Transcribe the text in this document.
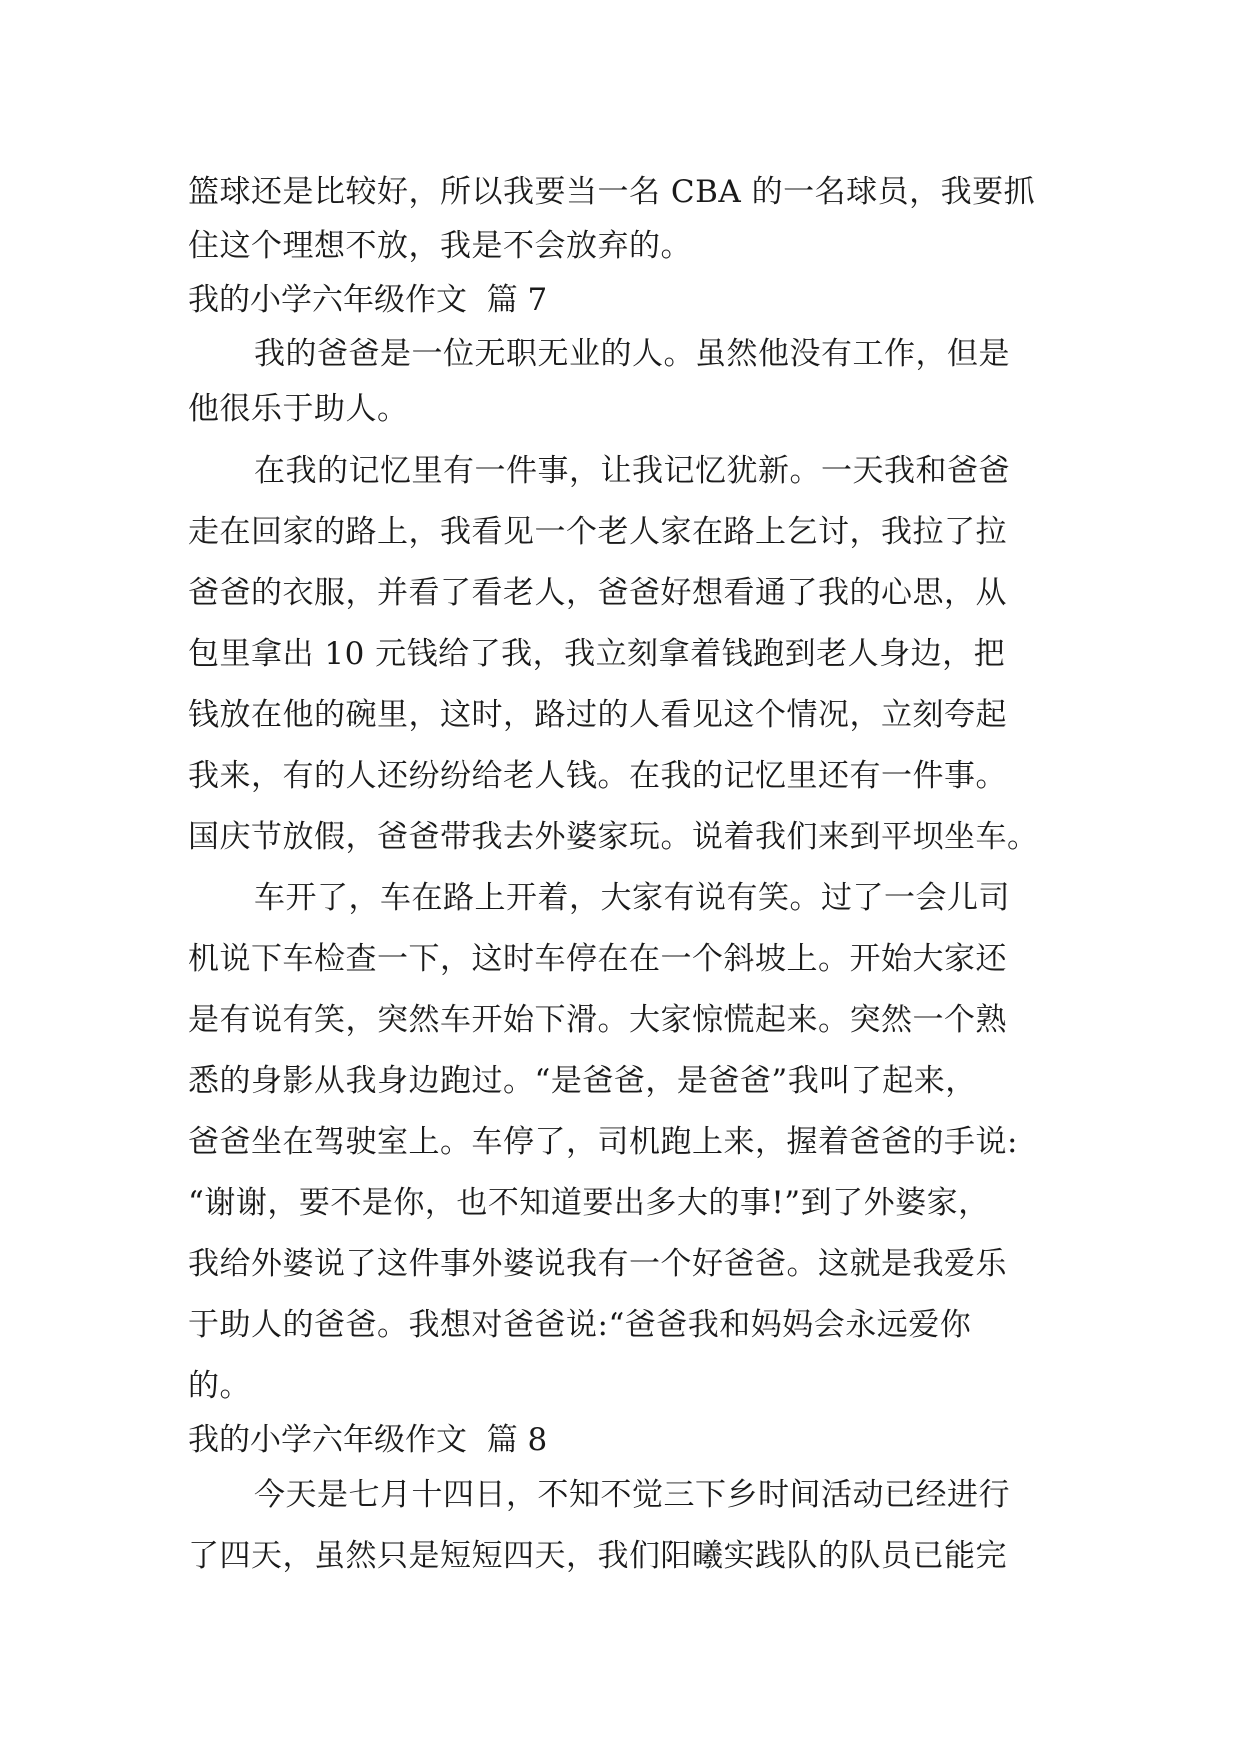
篮球还是比较好，所以我要当一名 CBA 的一名球员，我要抓
住这个理想不放，我是不会放弃的。
我的小学六年级作文  篇 7
我的爸爸是一位无职无业的人。虽然他没有工作，但是
他很乐于助人。
在我的记忆里有一件事，让我记忆犹新。一天我和爸爸
走在回家的路上，我看见一个老人家在路上乞讨，我拉了拉
爸爸的衣服，并看了看老人，爸爸好想看通了我的心思，从
包里拿出 10 元钱给了我，我立刻拿着钱跑到老人身边，把
钱放在他的碗里，这时，路过的人看见这个情况，立刻夸起
我来，有的人还纷纷给老人钱。在我的记忆里还有一件事。
国庆节放假，爸爸带我去外婆家玩。说着我们来到平坝坐车。
车开了，车在路上开着，大家有说有笑。过了一会儿司
机说下车检查一下，这时车停在在一个斜坡上。开始大家还
是有说有笑，突然车开始下滑。大家惊慌起来。突然一个熟
悉的身影从我身边跑过。“是爸爸，是爸爸”我叫了起来，
爸爸坐在驾驶室上。车停了，司机跑上来，握着爸爸的手说:
“谢谢，要不是你，也不知道要出多大的事!”到了外婆家，
我给外婆说了这件事外婆说我有一个好爸爸。这就是我爱乐
于助人的爸爸。我想对爸爸说:“爸爸我和妈妈会永远爱你
的。
我的小学六年级作文  篇 8
今天是七月十四日，不知不觉三下乡时间活动已经进行
了四天，虽然只是短短四天，我们阳曦实践队的队员已能完
